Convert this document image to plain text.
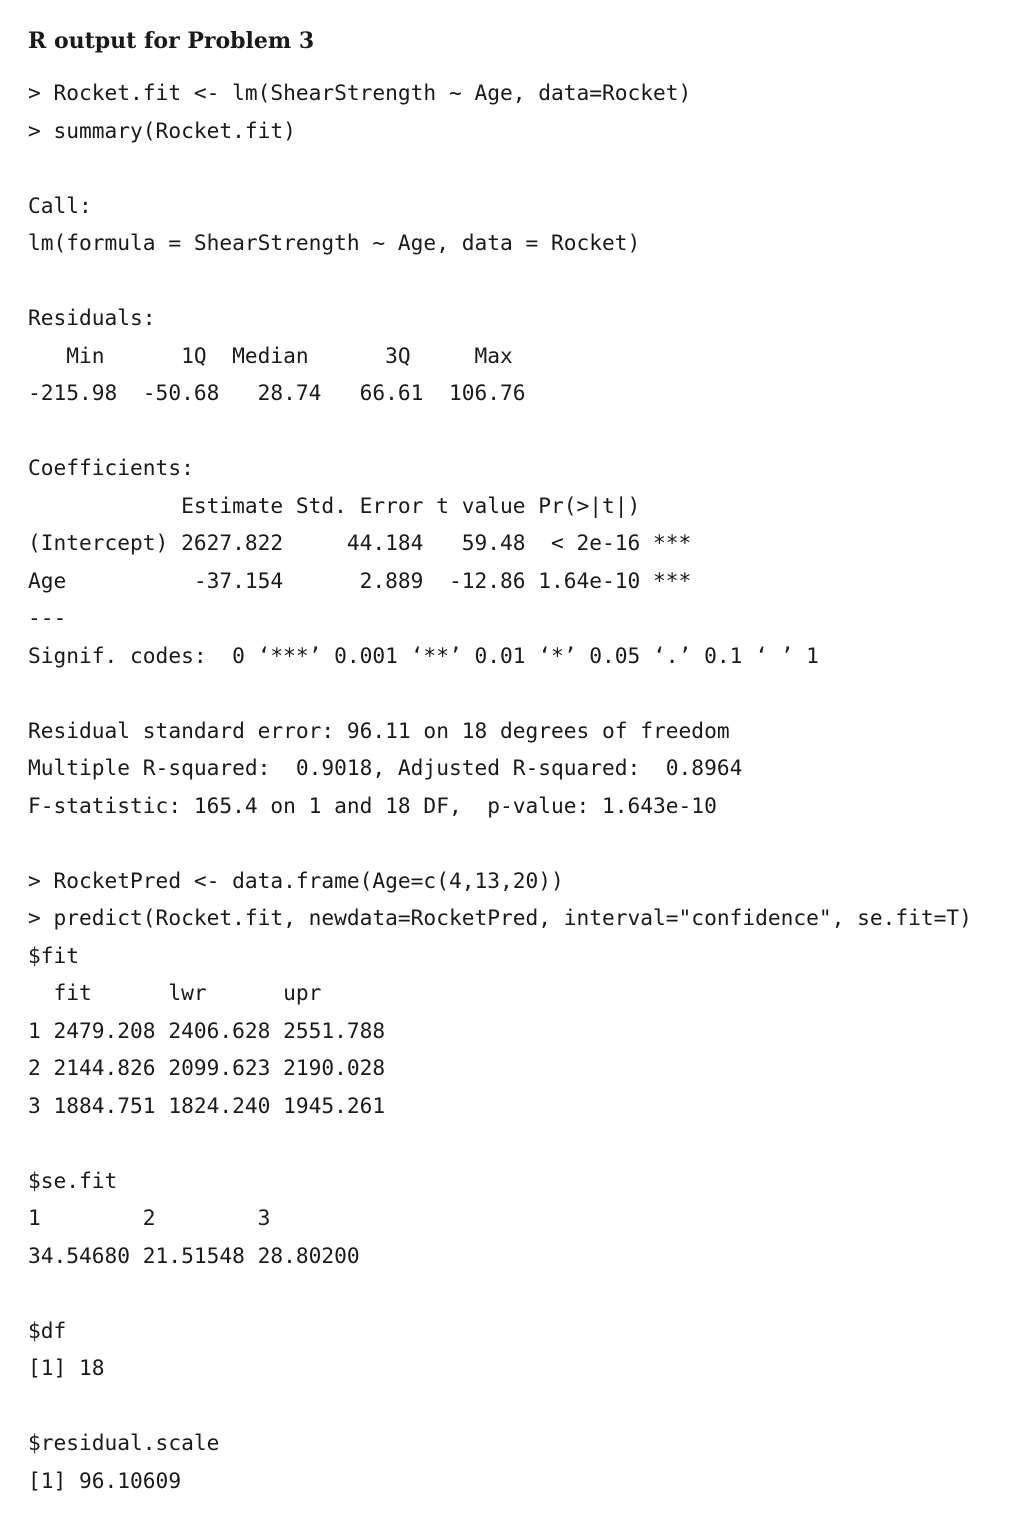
R output for Problem 3
> Rocket.fit <- lm(ShearStrength ~ Age, data=Rocket)
> summary(Rocket.fit)
Call:
lm(formula = ShearStrength ~ Age, data = Rocket)
Residuals:
Min      1Q  Median      3Q     Max
-215.98  -50.68   28.74   66.61  106.76
Coefficients:
Estimate Std. Error t value Pr(>|t|)
(Intercept) 2627.822     44.184   59.48  < 2e-16 ***
Age          -37.154      2.889  -12.86 1.64e-10 ***
---
Signif. codes:  0 ‘***’ 0.001 ‘**’ 0.01 ‘*’ 0.05 ‘.’ 0.1 ‘ ’ 1
Residual standard error: 96.11 on 18 degrees of freedom
Multiple R-squared:  0.9018, Adjusted R-squared:  0.8964
F-statistic: 165.4 on 1 and 18 DF,  p-value: 1.643e-10
> RocketPred <- data.frame(Age=c(4,13,20))
> predict(Rocket.fit, newdata=RocketPred, interval="confidence", se.fit=T)
$fit
fit      lwr      upr
1 2479.208 2406.628 2551.788
2 2144.826 2099.623 2190.028
3 1884.751 1824.240 1945.261
$se.fit
1        2        3
34.54680 21.51548 28.80200
$df
[1] 18
$residual.scale
[1] 96.10609
